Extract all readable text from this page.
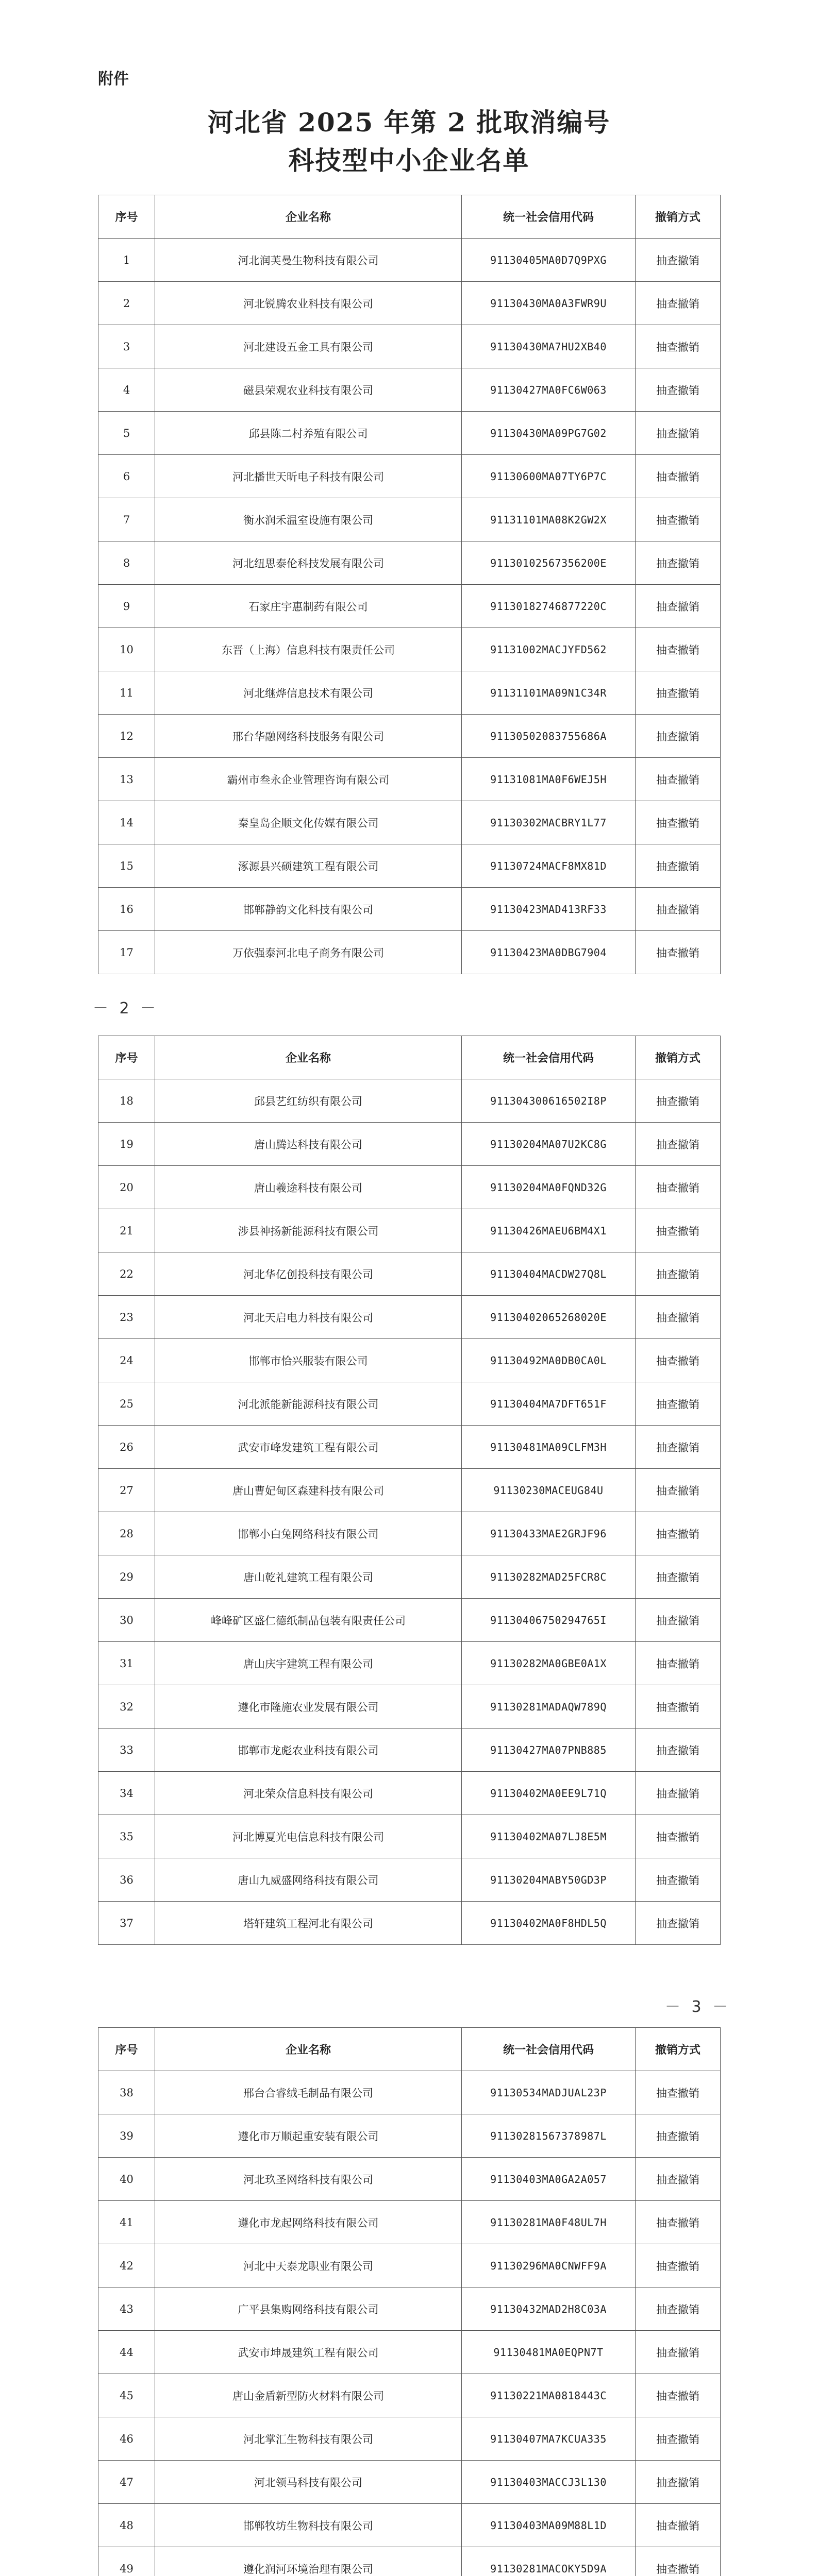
附件
河北省 2025 年第 2 批取消编号
科技型中小企业名单
序号	企业名称	统一社会信用代码	撤销方式
1	河北润芙曼生物科技有限公司	91130405MA0D7Q9PXG	抽查撤销
2	河北锐腾农业科技有限公司	91130430MA0A3FWR9U	抽查撤销
3	河北建设五金工具有限公司	91130430MA7HU2XB40	抽查撤销
4	磁县荣观农业科技有限公司	91130427MA0FC6W063	抽查撤销
5	邱县陈二村养殖有限公司	91130430MA09PG7G02	抽查撤销
6	河北播世天昕电子科技有限公司	91130600MA07TY6P7C	抽查撤销
7	衡水润禾温室设施有限公司	91131101MA08K2GW2X	抽查撤销
8	河北纽思泰伦科技发展有限公司	91130102567356200E	抽查撤销
9	石家庄宇惠制药有限公司	91130182746877220C	抽查撤销
10	东晋（上海）信息科技有限责任公司	91131002MACJYFD562	抽查撤销
11	河北继烨信息技术有限公司	91131101MA09N1C34R	抽查撤销
12	邢台华融网络科技服务有限公司	91130502083755686A	抽查撤销
13	霸州市叁永企业管理咨询有限公司	91131081MA0F6WEJ5H	抽查撤销
14	秦皇岛企顺文化传媒有限公司	91130302MACBRY1L77	抽查撤销
15	涿源县兴硕建筑工程有限公司	91130724MACF8MX81D	抽查撤销
16	邯郸静韵文化科技有限公司	91130423MAD413RF33	抽查撤销
17	万依强泰河北电子商务有限公司	91130423MA0DBG7904	抽查撤销
－ 2 －
序号	企业名称	统一社会信用代码	撤销方式
18	邱县艺红纺织有限公司	911304300616502I8P	抽查撤销
19	唐山腾达科技有限公司	91130204MA07U2KC8G	抽查撤销
20	唐山羲途科技有限公司	91130204MA0FQND32G	抽查撤销
21	涉县神扬新能源科技有限公司	91130426MAEU6BM4X1	抽查撤销
22	河北华亿创投科技有限公司	91130404MACDW27Q8L	抽查撤销
23	河北天启电力科技有限公司	91130402065268020E	抽查撤销
24	邯郸市恰兴服装有限公司	91130492MA0DB0CA0L	抽查撤销
25	河北派能新能源科技有限公司	91130404MA7DFT651F	抽查撤销
26	武安市峰发建筑工程有限公司	91130481MA09CLFM3H	抽查撤销
27	唐山曹妃甸区森建科技有限公司	91130230MACEUG84U	抽查撤销
28	邯郸小白兔网络科技有限公司	91130433MAE2GRJF96	抽查撤销
29	唐山乾礼建筑工程有限公司	91130282MAD25FCR8C	抽查撤销
30	峰峰矿区盛仁德纸制品包装有限责任公司	91130406750294765I	抽查撤销
31	唐山庆宇建筑工程有限公司	91130282MA0GBE0A1X	抽查撤销
32	遵化市隆施农业发展有限公司	91130281MADAQW789Q	抽查撤销
33	邯郸市龙彪农业科技有限公司	91130427MA07PNB885	抽查撤销
34	河北荣众信息科技有限公司	91130402MA0EE9L71Q	抽查撤销
35	河北博夏光电信息科技有限公司	91130402MA07LJ8E5M	抽查撤销
36	唐山九威盛网络科技有限公司	91130204MABY50GD3P	抽查撤销
37	塔轩建筑工程河北有限公司	91130402MA0F8HDL5Q	抽查撤销
－ 3 －
序号	企业名称	统一社会信用代码	撤销方式
38	邢台合睿绒毛制品有限公司	91130534MADJUAL23P	抽查撤销
39	遵化市万顺起重安装有限公司	91130281567378987L	抽查撤销
40	河北玖圣网络科技有限公司	91130403MA0GA2A057	抽查撤销
41	遵化市龙起网络科技有限公司	91130281MA0F48UL7H	抽查撤销
42	河北中天泰龙职业有限公司	91130296MA0CNWFF9A	抽查撤销
43	广平县集购网络科技有限公司	91130432MAD2H8C03A	抽查撤销
44	武安市坤晟建筑工程有限公司	91130481MA0EQPN7T	抽查撤销
45	唐山金盾新型防火材料有限公司	91130221MA0818443C	抽查撤销
46	河北掌汇生物科技有限公司	91130407MA7KCUA335	抽查撤销
47	河北领马科技有限公司	91130403MACCJ3L130	抽查撤销
48	邯郸牧坊生物科技有限公司	91130403MA09M88L1D	抽查撤销
49	遵化润河环境治理有限公司	91130281MACOKY5D9A	抽查撤销
